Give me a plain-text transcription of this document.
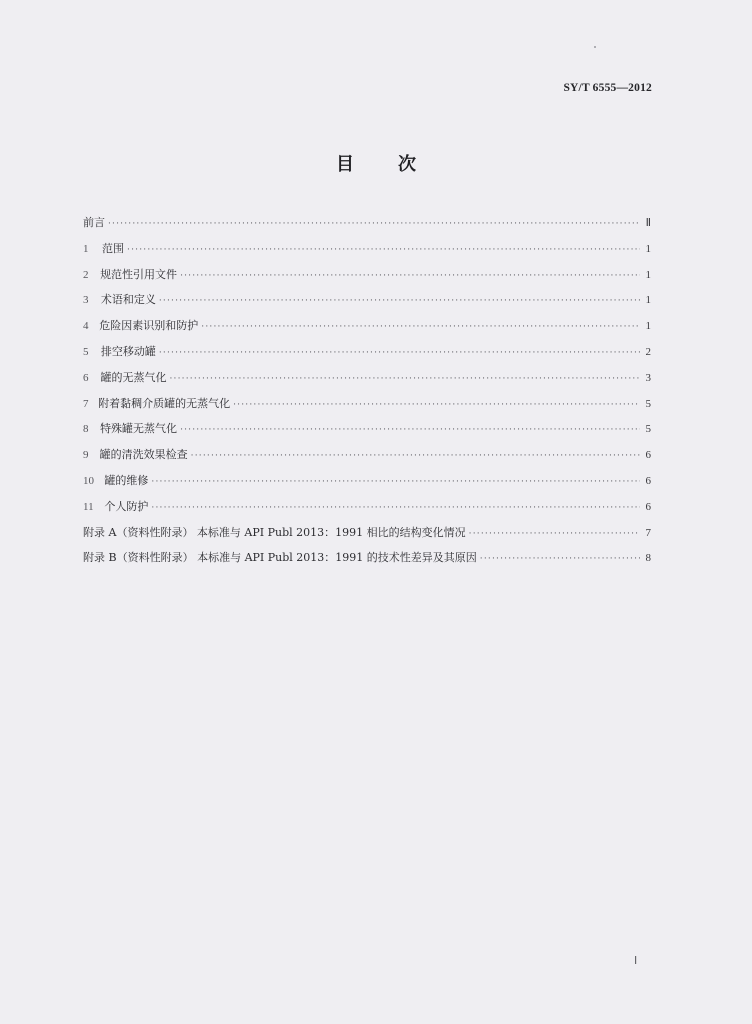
SY/T 6555—2012
目 次
前言 ·····	Ⅱ
1	范围 ·····	1
2	规范性引用文件 ·····	1
3	术语和定义 ·····	1
4 危险因素识别和防护 ·····	1
5	排空移动罐 ·····	2
6	罐的无蒸气化 ·····	3
7 附着黏稠介质罐的无蒸气化 ·····	5
8	特殊罐无蒸气化 ·····	5
9	罐的清洗效果检查 ·····	6
10 罐的维修 ·····	6
11 个人防护 ·····	6
附录 A（资料性附录） 本标准与 API Publ 2013：1991 相比的结构变化情况 ·····	7
附录 B（资料性附录） 本标准与 API Publ 2013：1991 的技术性差异及其原因 ·····	8
Ⅰ
